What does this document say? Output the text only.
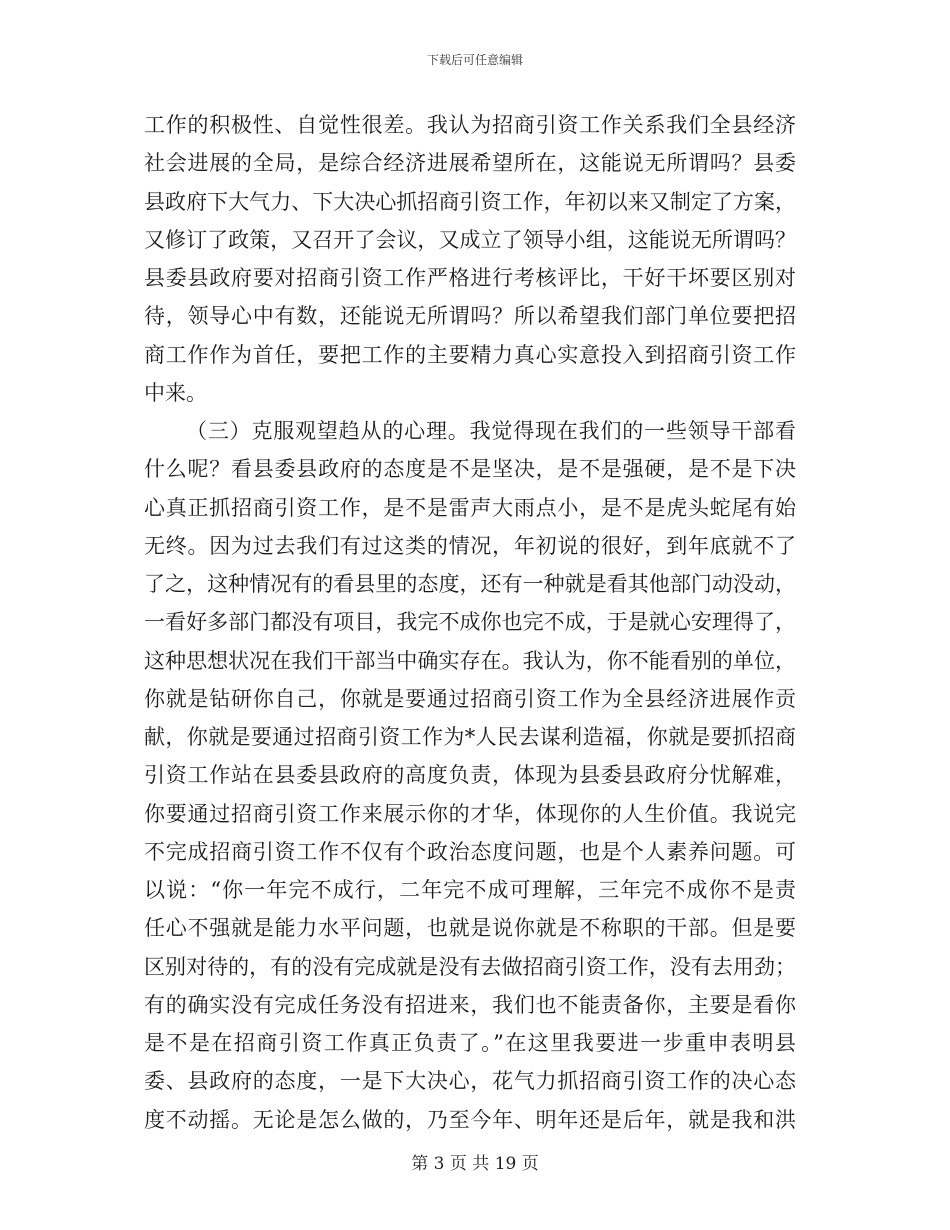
下载后可任意编辑
工作的积极性、自觉性很差。我认为招商引资工作关系我们全县经济
社会进展的全局，是综合经济进展希望所在，这能说无所谓吗？县委
县政府下大气力、下大决心抓招商引资工作，年初以来又制定了方案，
又修订了政策，又召开了会议，又成立了领导小组，这能说无所谓吗？
县委县政府要对招商引资工作严格进行考核评比，干好干坏要区别对
待，领导心中有数，还能说无所谓吗？所以希望我们部门单位要把招
商工作作为首任，要把工作的主要精力真心实意投入到招商引资工作
中来。
（三）克服观望趋从的心理。我觉得现在我们的一些领导干部看
什么呢？看县委县政府的态度是不是坚决，是不是强硬，是不是下决
心真正抓招商引资工作，是不是雷声大雨点小，是不是虎头蛇尾有始
无终。因为过去我们有过这类的情况，年初说的很好，到年底就不了
了之，这种情况有的看县里的态度，还有一种就是看其他部门动没动，
一看好多部门都没有项目，我完不成你也完不成，于是就心安理得了，
这种思想状况在我们干部当中确实存在。我认为，你不能看别的单位，
你就是钻研你自己，你就是要通过招商引资工作为全县经济进展作贡
献，你就是要通过招商引资工作为*人民去谋利造福，你就是要抓招商
引资工作站在县委县政府的高度负责，体现为县委县政府分忧解难，
你要通过招商引资工作来展示你的才华，体现你的人生价值。我说完
不完成招商引资工作不仅有个政治态度问题，也是个人素养问题。可
以说：“你一年完不成行，二年完不成可理解，三年完不成你不是责
任心不强就是能力水平问题，也就是说你就是不称职的干部。但是要
区别对待的，有的没有完成就是没有去做招商引资工作，没有去用劲；
有的确实没有完成任务没有招进来，我们也不能责备你，主要是看你
是不是在招商引资工作真正负责了。”在这里我要进一步重申表明县
委、县政府的态度，一是下大决心，花气力抓招商引资工作的决心态
度不动摇。无论是怎么做的，乃至今年、明年还是后年，就是我和洪
第 3 页 共 19 页
